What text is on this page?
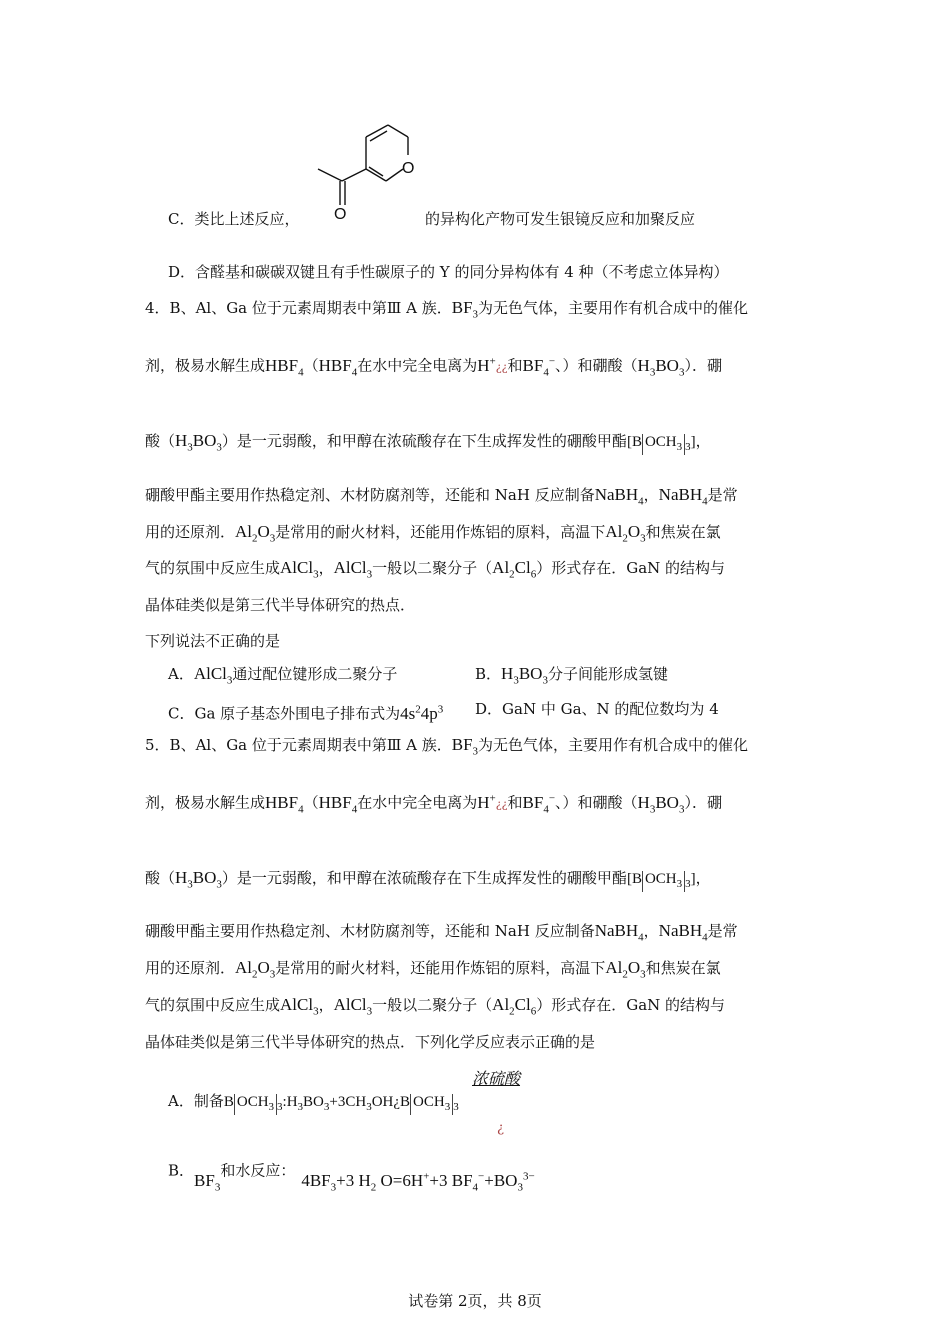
O
O
C．类比上述反应，	的异构化产物可发生银镜反应和加聚反应
D．含醛基和碳碳双键且有手性碳原子的 Y 的同分异构体有 4 种（不考虑立体异构）
4．B、Al、Ga 位于元素周期表中第Ⅲ A 族．$BF_3$为无色气体，主要用作有机合成中的催化
剂，极易水解生成$HBF_4(HBF_4$在水中完全电离为H+¿¿和$BF_4^-$、）和硼酸$(H_3BO_3)$．硼
酸$(H_3BO_3)$是一元弱酸，和甲醇在浓硫酸存在下生成挥发性的硼酸甲酯[B $OCH_3$ $_3$]，
硼酸甲酯主要用作热稳定剂、木材防腐剂等，还能和 NaH 反应制备NaBH$_4$，NaBH$_4$是常
用的还原剂．$Al_2O_3$是常用的耐火材料，还能用作炼铝的原料，高温下$Al_2O_3$和焦炭在氯
气的氛围中反应生成AlCl$_3$，AlCl$_3$一般以二聚分子$(Al_2Cl_6)$形式存在．GaN 的结构与
晶体硅类似是第三代半导体研究的热点．
下列说法不正确的是
A．AlCl$_3$通过配位键形成二聚分子	B．$H_3BO_3$分子间能形成氢键
C．Ga 原子基态外围电子排布式为$4s^24p^3$ D．GaN 中 Ga、N 的配位数均为 4
5．B、Al、Ga 位于元素周期表中第Ⅲ A 族．$BF_3$为无色气体，主要用作有机合成中的催化
剂，极易水解生成$HBF_4(HBF_4$在水中完全电离为H+¿¿和$BF_4^-$、）和硼酸$(H_3BO_3)$．硼
酸$(H_3BO_3)$是一元弱酸，和甲醇在浓硫酸存在下生成挥发性的硼酸甲酯[B $OCH_3$ $_3$]，
硼酸甲酯主要用作热稳定剂、木材防腐剂等，还能和 NaH 反应制备NaBH$_4$，NaBH$_4$是常
用的还原剂．$Al_2O_3$是常用的耐火材料，还能用作炼铝的原料，高温下$Al_2O_3$和焦炭在氯
气的氛围中反应生成AlCl$_3$，AlCl$_3$一般以二聚分子$(Al_2Cl_6)$形式存在．GaN 的结构与
晶体硅类似是第三代半导体研究的热点．下列化学反应表示正确的是
浓硫酸
A．制备B $OCH_3$ $_3:H_3BO_3+3CH_3OH¿B$ $OCH_3$ $_3$
¿
B．$BF_3$和水反应： $4BF_3+3$ $H_2$ O=6H++3 $BF_4^-+BO_3^{3-}$
试卷第 2页，共 8页
